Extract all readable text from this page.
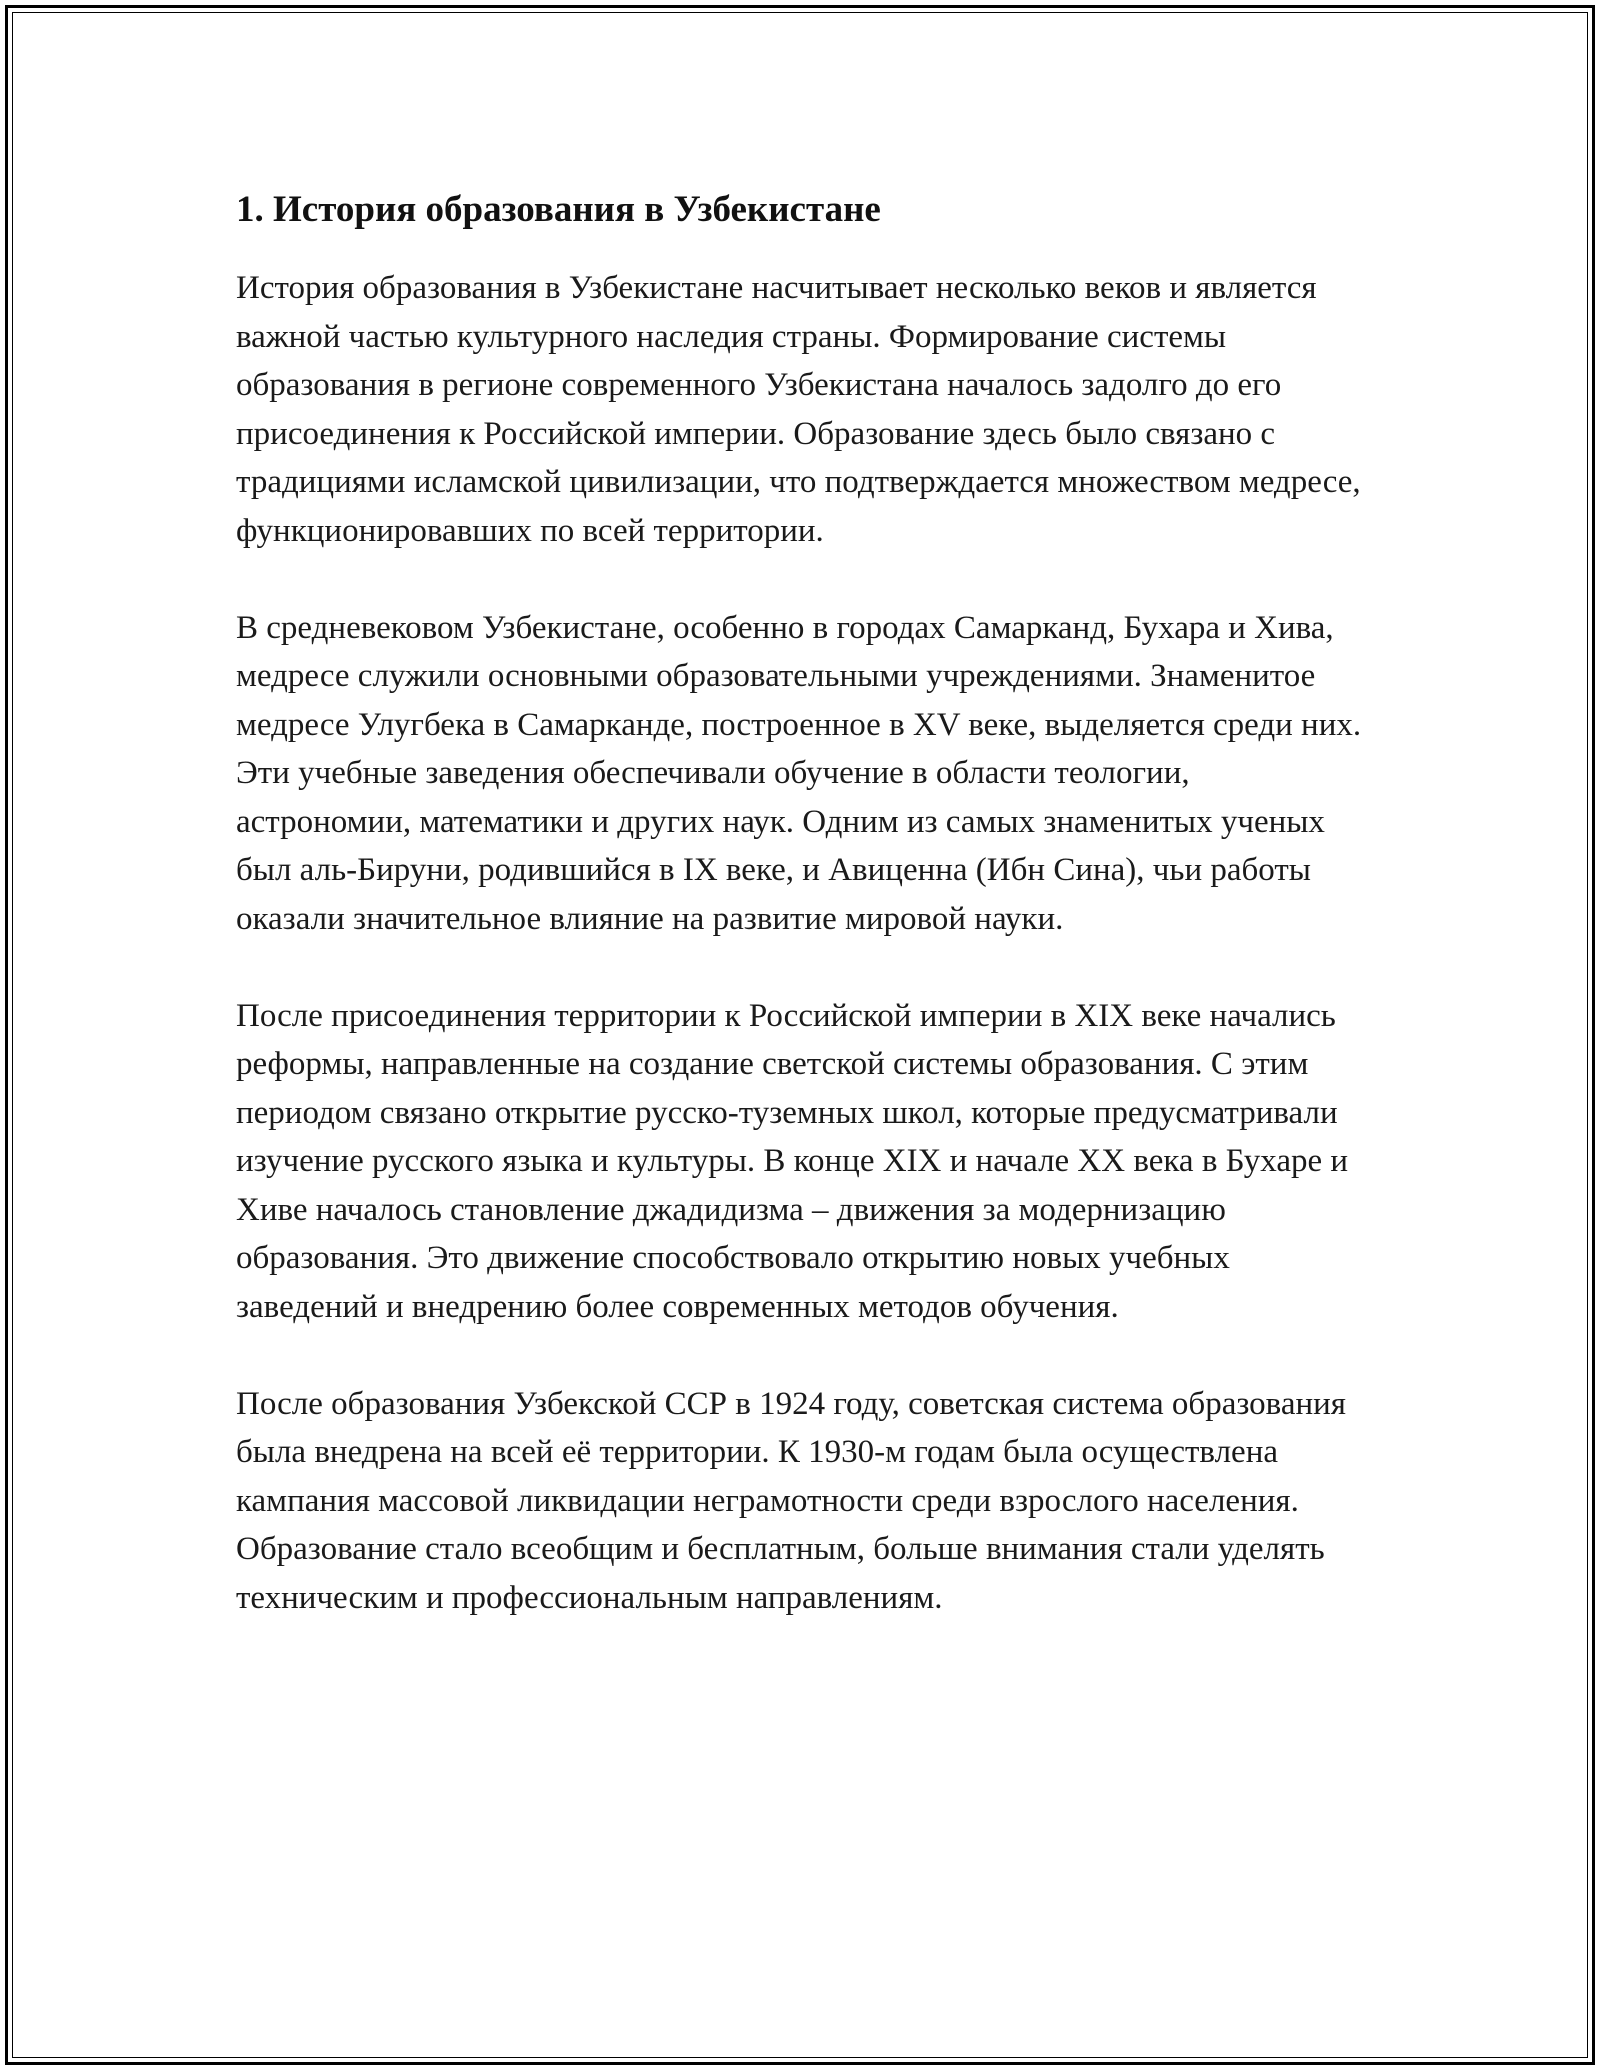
1. История образования в Узбекистане

История образования в Узбекистане насчитывает несколько веков и является важной частью культурного наследия страны. Формирование системы образования в регионе современного Узбекистана началось задолго до его присоединения к Российской империи. Образование здесь было связано с традициями исламской цивилизации, что подтверждается множеством медресе, функционировавших по всей территории.

В средневековом Узбекистане, особенно в городах Самарканд, Бухара и Хива, медресе служили основными образовательными учреждениями. Знаменитое медресе Улугбека в Самарканде, построенное в XV веке, выделяется среди них. Эти учебные заведения обеспечивали обучение в области теологии, астрономии, математики и других наук. Одним из самых знаменитых ученых был аль-Бируни, родившийся в IX веке, и Авиценна (Ибн Сина), чьи работы оказали значительное влияние на развитие мировой науки.

После присоединения территории к Российской империи в XIX веке начались реформы, направленные на создание светской системы образования. С этим периодом связано открытие русско-туземных школ, которые предусматривали изучение русского языка и культуры. В конце XIX и начале XX века в Бухаре и Хиве началось становление джадидизма – движения за модернизацию образования. Это движение способствовало открытию новых учебных заведений и внедрению более современных методов обучения.

После образования Узбекской ССР в 1924 году, советская система образования была внедрена на всей её территории. К 1930-м годам была осуществлена кампания массовой ликвидации неграмотности среди взрослого населения. Образование стало всеобщим и бесплатным, больше внимания стали уделять техническим и профессиональным направлениям.
